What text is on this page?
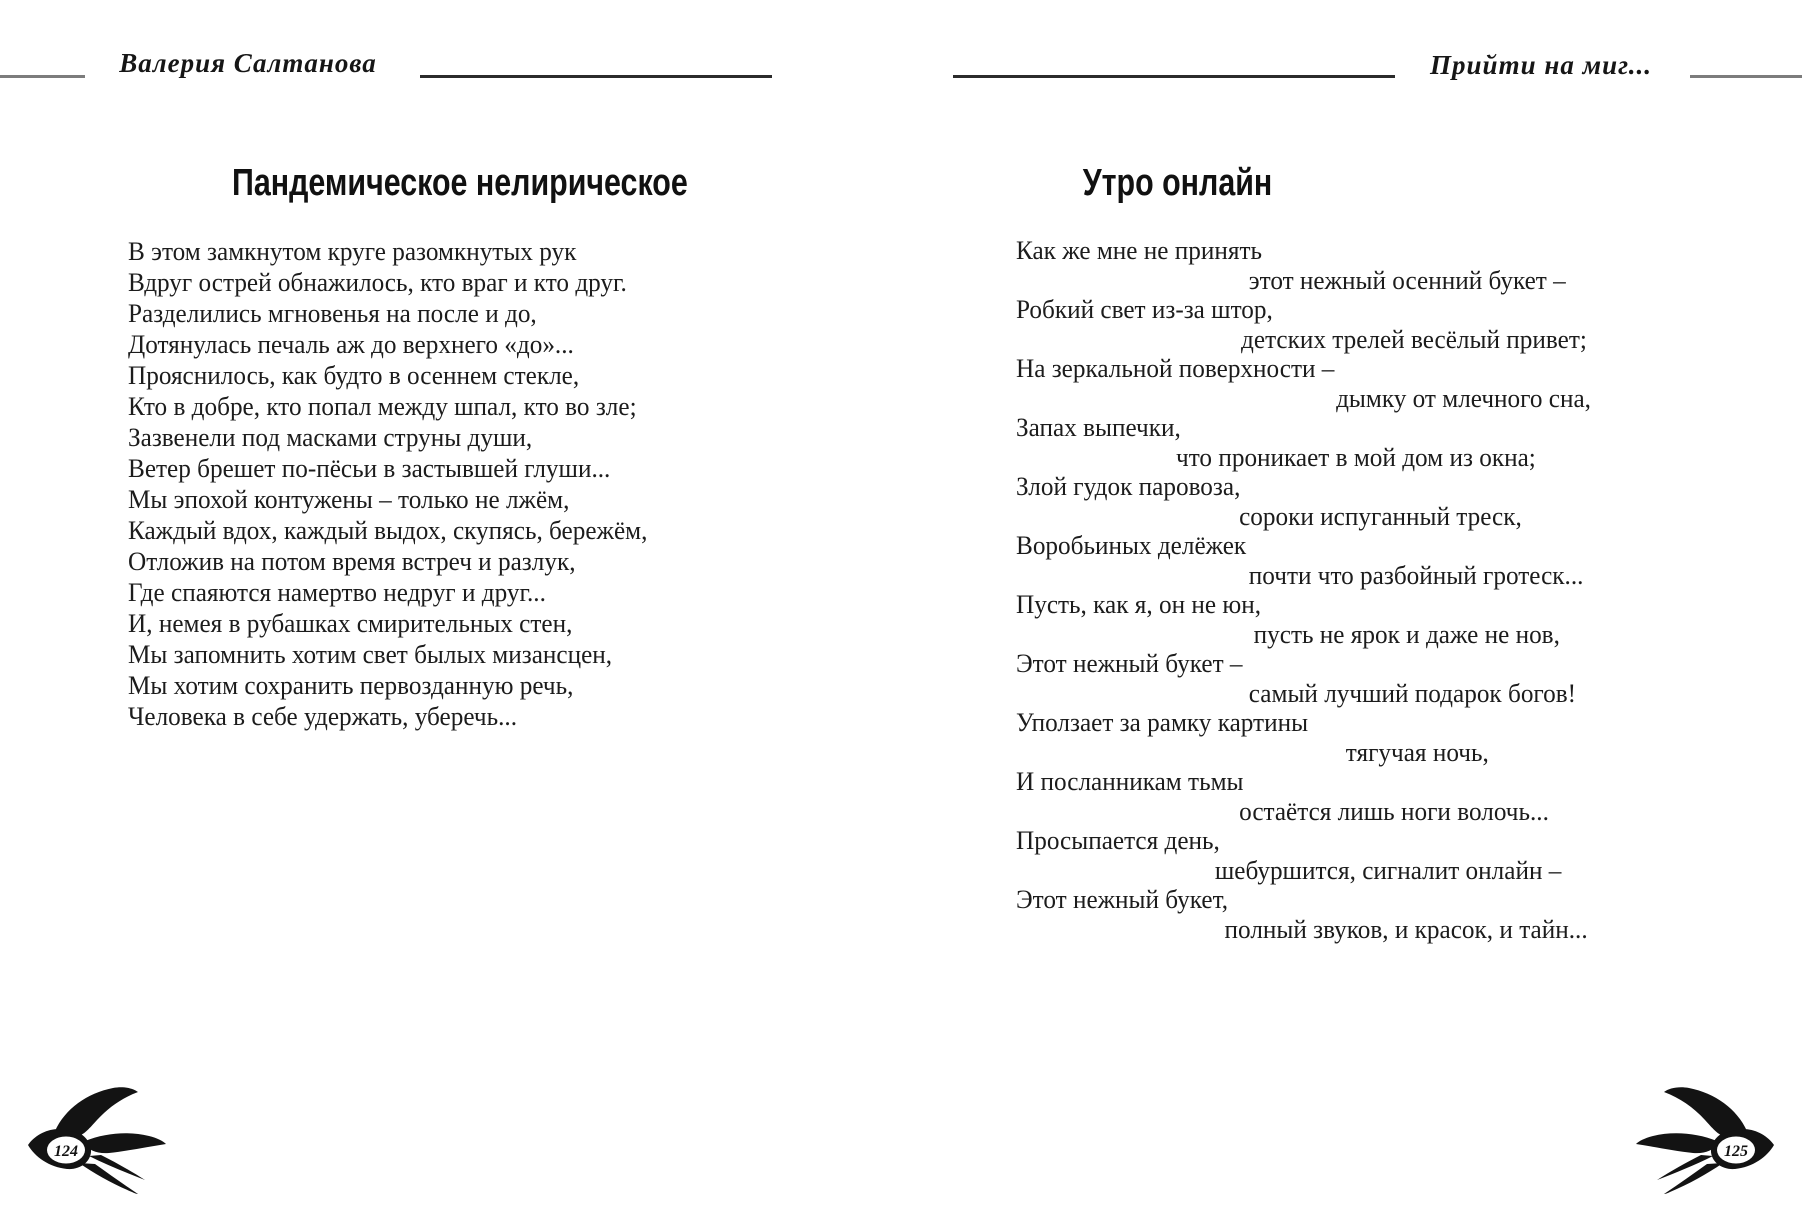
Валерия Салтанова	Прийти на миг...
Пандемическое нелирическое
В этом замкнутом круге разомкнутых рук
Вдруг острей обнажилось, кто враг и кто друг.
Разделились мгновенья на после и до,
Дотянулась печаль аж до верхнего «до»...
Прояснилось, как будто в осеннем стекле,
Кто в добре, кто попал между шпал, кто во зле;
Зазвенели под масками струны души,
Ветер брешет по-пёсьи в застывшей глуши...
Мы эпохой контужены – только не лжём,
Каждый вдох, каждый выдох, скупясь, бережём,
Отложив на потом время встреч и разлук,
Где спаяются намертво недруг и друг...
И, немея в рубашках смирительных стен,
Мы запомнить хотим свет былых мизансцен,
Мы хотим сохранить первозданную речь,
Человека в себе удержать, уберечь...
Утро онлайн
Как же мне не принять
этот нежный осенний букет –
Робкий свет из-за штор,
детских трелей весёлый привет;
На зеркальной поверхности –
дымку от млечного сна,
Запах выпечки,
что проникает в мой дом из окна;
Злой гудок паровоза,
сороки испуганный треск,
Воробьиных делёжек
почти что разбойный гротеск...
Пусть, как я, он не юн,
пусть не ярок и даже не нов,
Этот нежный букет –
самый лучший подарок богов!
Уползает за рамку картины
тягучая ночь,
И посланникам тьмы
остаётся лишь ноги волочь...
Просыпается день,
шебуршится, сигналит онлайн –
Этот нежный букет,
полный звуков, и красок, и тайн...
124	125
